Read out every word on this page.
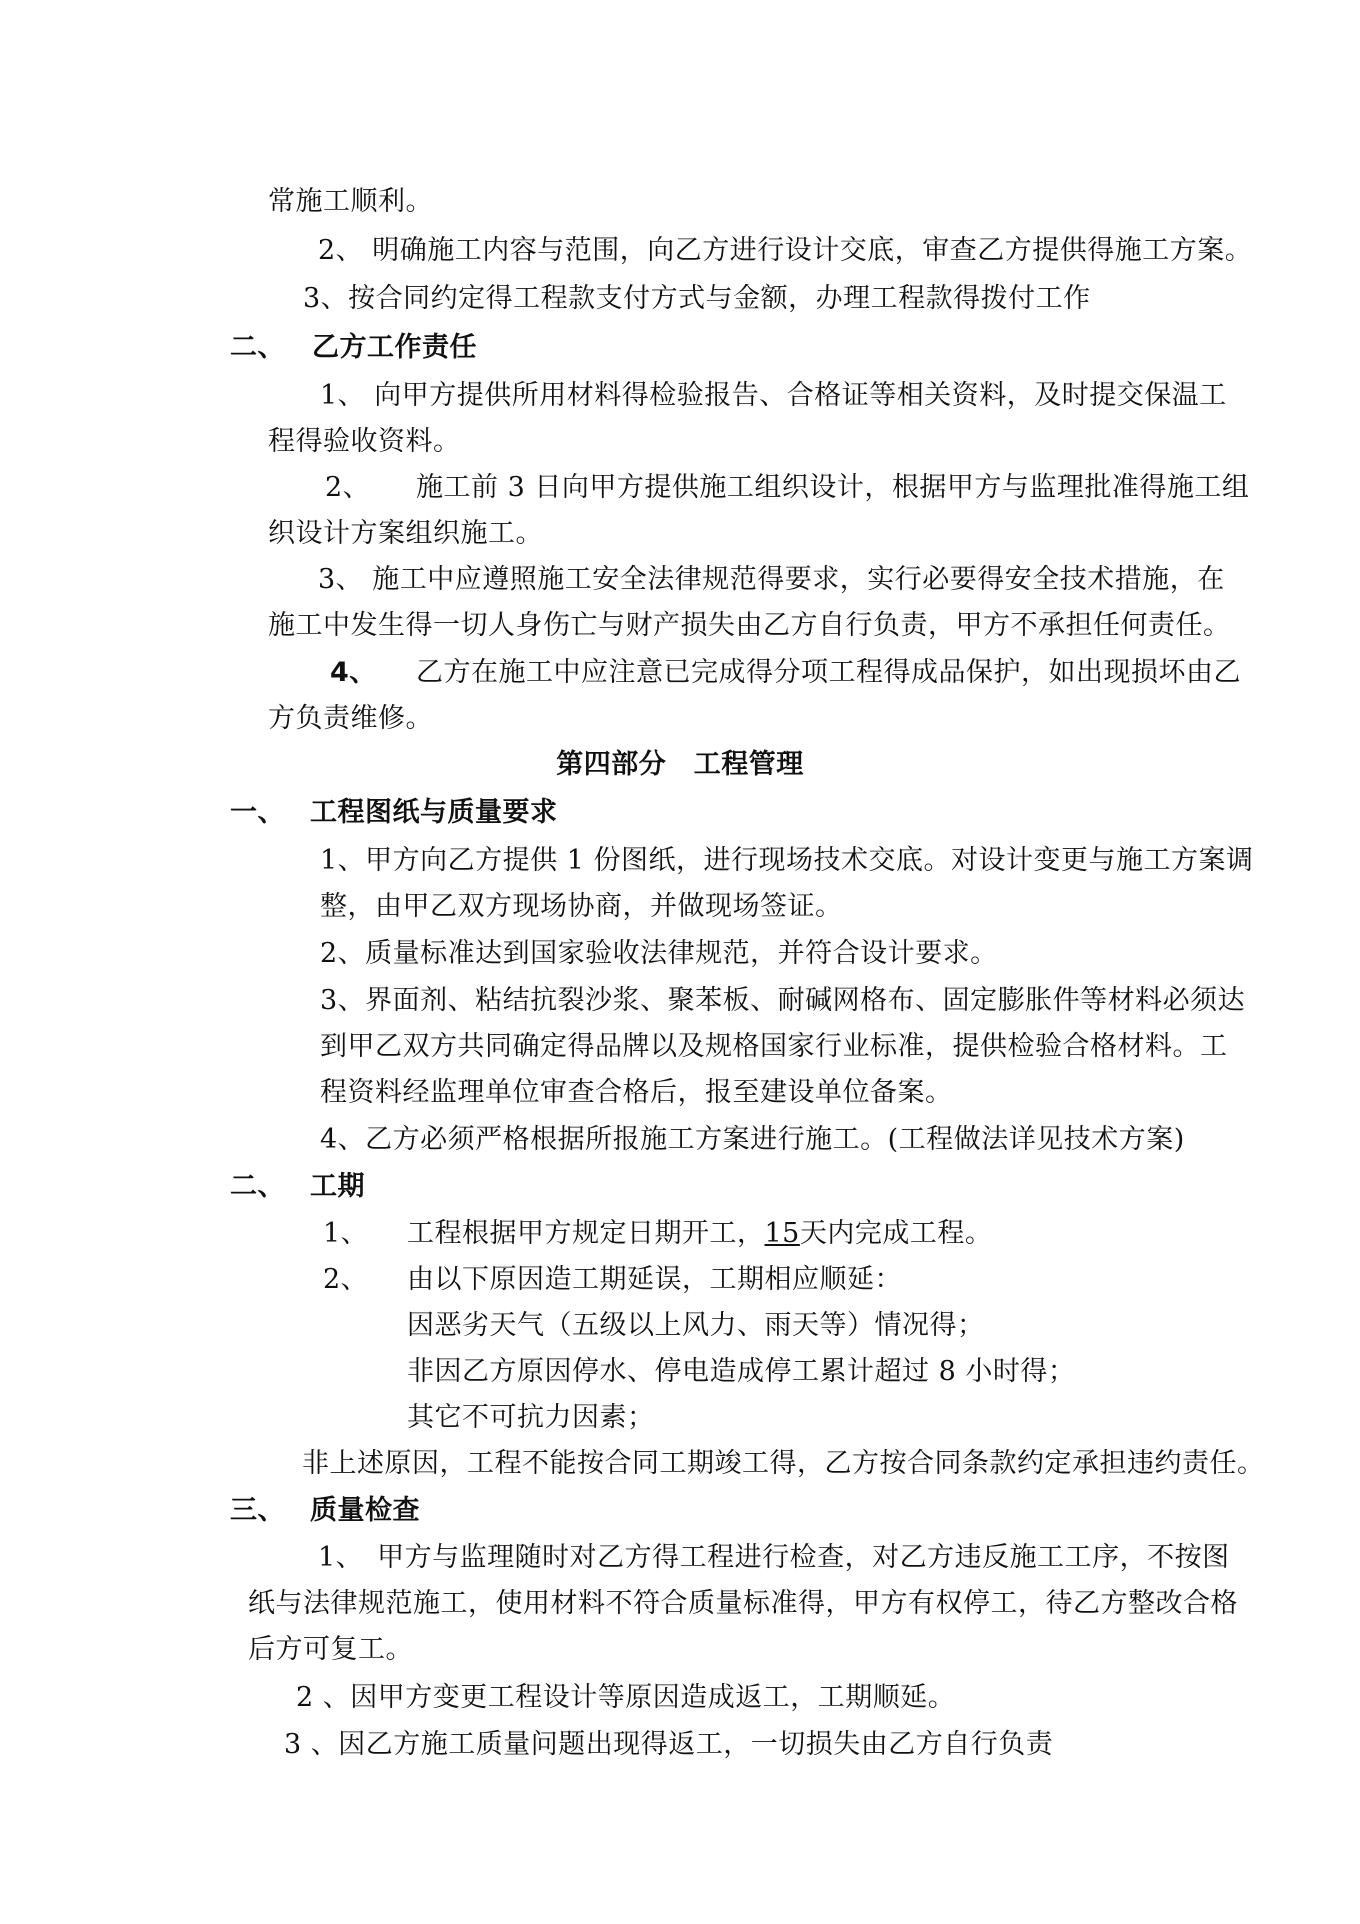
常施工顺利。
2、 明确施工内容与范围，向乙方进行设计交底，审查乙方提供得施工方案。
3、按合同约定得工程款支付方式与金额，办理工程款得拨付工作
二、 乙方工作责任
1、 向甲方提供所用材料得检验报告、合格证等相关资料，及时提交保温工
程得验收资料。
2、 施工前 3 日向甲方提供施工组织设计，根据甲方与监理批准得施工组
织设计方案组织施工。
3、 施工中应遵照施工安全法律规范得要求，实行必要得安全技术措施，在
施工中发生得一切人身伤亡与财产损失由乙方自行负责，甲方不承担任何责任。
4、 乙方在施工中应注意已完成得分项工程得成品保护，如出现损坏由乙
方负责维修。
第四部分　工程管理
一、 工程图纸与质量要求
1、甲方向乙方提供 1 份图纸，进行现场技术交底。对设计变更与施工方案调
整，由甲乙双方现场协商，并做现场签证。
2、质量标准达到国家验收法律规范，并符合设计要求。
3、界面剂、粘结抗裂沙浆、聚苯板、耐碱网格布、固定膨胀件等材料必须达
到甲乙双方共同确定得品牌以及规格国家行业标准，提供检验合格材料。工
程资料经监理单位审查合格后，报至建设单位备案。
4、乙方必须严格根据所报施工方案进行施工。(工程做法详见技术方案)
二、 工期
1、 工程根据甲方规定日期开工，15天内完成工程。
2、 由以下原因造工期延误，工期相应顺延：
因恶劣天气（五级以上风力、雨天等）情况得；
非因乙方原因停水、停电造成停工累计超过 8 小时得；
其它不可抗力因素；
非上述原因，工程不能按合同工期竣工得，乙方按合同条款约定承担违约责任。
三、 质量检查
1、　甲方与监理随时对乙方得工程进行检查，对乙方违反施工工序，不按图
纸与法律规范施工，使用材料不符合质量标准得，甲方有权停工，待乙方整改合格
后方可复工。
2 、因甲方变更工程设计等原因造成返工，工期顺延。
3 、因乙方施工质量问题出现得返工，一切损失由乙方自行负责
